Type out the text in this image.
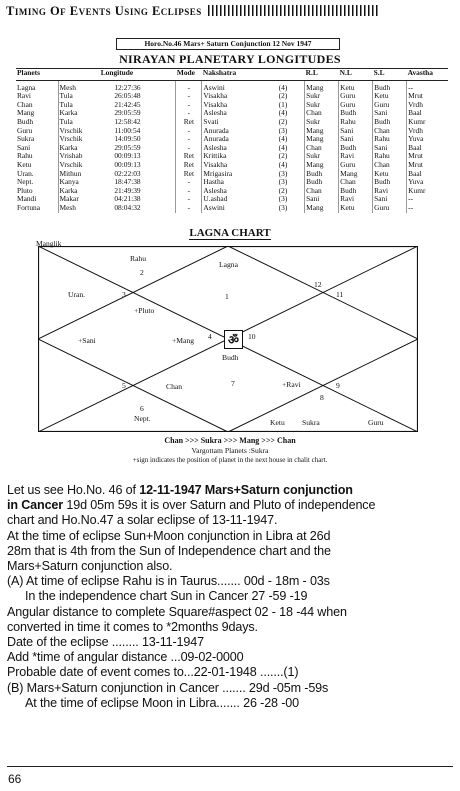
Timing Of Events Using Eclipses
Horo.No.46 Mars+ Saturn Conjunction 12 Nov 1947
NIRAYAN PLANETARY LONGITUDES
Planets	Longitude		Mode	Nakshatra		R.L	N.L	S.L	Avastha
Lagna	Mesh	12:27:36	-	Aswini	(4)	Mang	Ketu	Budh	--
Ravi	Tula	26:05:48	-	Visakha	(2)	Sukr	Guru	Ketu	Mrut
Chan	Tula	21:42:45	-	Visakha	(1)	Sukr	Guru	Guru	Vrdh
Mang	Karka	29:05:59	-	Aslesha	(4)	Chan	Budh	Sani	Baal
Budh	Tula	12:58:42	Ret	Svati	(2)	Sukr	Rahu	Budh	Kumr
Guru	Vrschik	11:00:54	-	Anurada	(3)	Mang	Sani	Chan	Vrdh
Sukra	Vrschik	14:09:50	-	Anurada	(4)	Mang	Sani	Rahu	Yuva
Sani	Karka	29:05:59	-	Aslesha	(4)	Chan	Budh	Sani	Baal
Rahu	Vrishab	00:09:13	Ret	Krittika	(2)	Sukr	Ravi	Rahu	Mrut
Ketu	Vrschik	00:09:13	Ret	Visakha	(4)	Mang	Guru	Chan	Mrut
Uran.	Mithun	02:22:03	Ret	Mrigasira	(3)	Budh	Mang	Ketu	Baal
Nept.	Kanya	18:47:38	-	Hastha	(3)	Budh	Chan	Budh	Yuva
Pluto	Karka	21:49:39	-	Aslesha	(2)	Chan	Budh	Ravi	Kumr
Mandi	Makar	04:21:38	-	U.ashad	(3)	Sani	Ravi	Sani	--
Fortuna	Mesh	08:04:32	-	Aswini	(3)	Mang	Ketu	Guru	--
LAGNA CHART
Manglik
1
2
3
4
5
6
7
8
9
10
11
12
Rahu
Lagna
Uran.
+Pluto
+Sani	+Mang	ॐ
Budh
Chan	+Ravi
Nept.	Ketu Sukra	Guru
Chan >>> Sukra >>> Mang >>> Chan
Vargottam Planets :Sukra
+sign indicates the position of planet in the next house in chalit chart.

Let us see Ho.No. 46 of 12-11-1947 Mars+Saturn conjunction

in Cancer 19d 05m 59s it is over Saturn and Pluto of independence

chart and Ho.No.47 a solar eclipse of 13-11-1947.

At the time of eclipse Sun+Moon conjunction in Libra at 26d

28m that is 4th from the Sun of Independence chart and the

Mars+Saturn conjunction also.

(A) At time of eclipse Rahu is in Taurus....... 00d - 18m - 03s

In the independence chart Sun in Cancer 27 -59 -19

Angular distance to complete Square#aspect 02 - 18 -44 when

converted in time it comes to *2months 9days.

Date of the eclipse ........ 13-11-1947

Add *time of angular distance ...09-02-0000

Probable date of event comes to...22-01-1948 .......(1)

(B) Mars+Saturn conjunction in Cancer ....... 29d -05m -59s

At the time of eclipse Moon in Libra....... 26 -28 -00

66
